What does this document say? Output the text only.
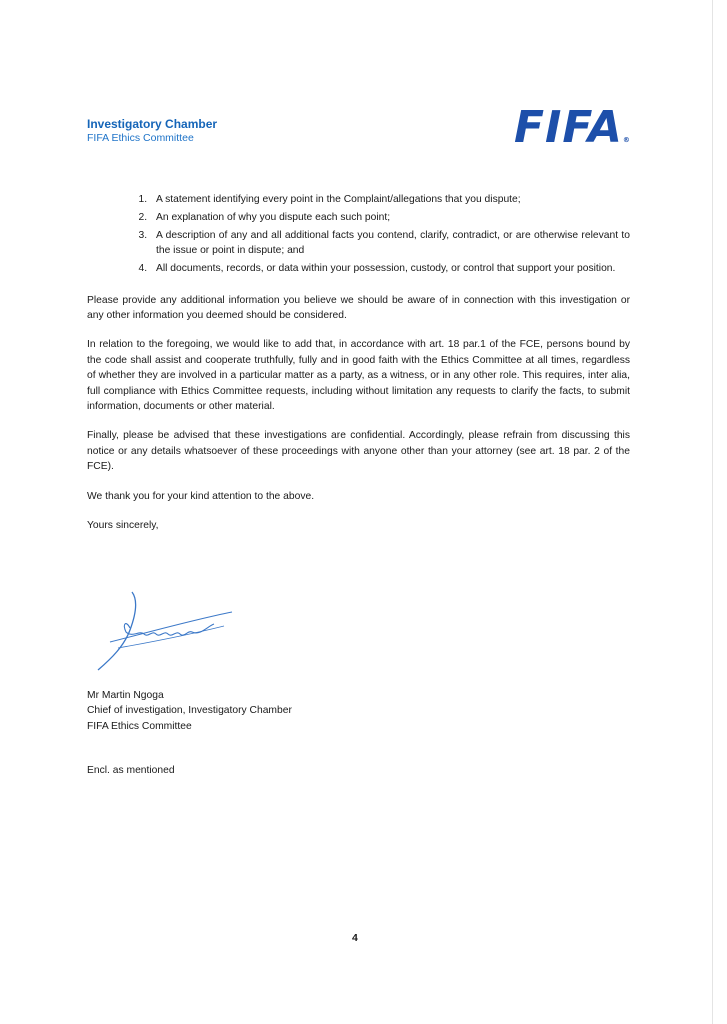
Investigatory Chamber
FIFA Ethics Committee	FIFA®
1. A statement identifying every point in the Complaint/allegations that you dispute;
2. An explanation of why you dispute each such point;
3. A description of any and all additional facts you contend, clarify, contradict, or are otherwise relevant to the issue or point in dispute; and
4. All documents, records, or data within your possession, custody, or control that support your position.

Please provide any additional information you believe we should be aware of in connection with this investigation or any other information you deemed should be considered.

In relation to the foregoing, we would like to add that, in accordance with art. 18 par.1 of the FCE, persons bound by the code shall assist and cooperate truthfully, fully and in good faith with the Ethics Committee at all times, regardless of whether they are involved in a particular matter as a party, as a witness, or in any other role. This requires, inter alia, full compliance with Ethics Committee requests, including without limitation any requests to clarify the facts, to submit information, documents or other material.

Finally, please be advised that these investigations are confidential. Accordingly, please refrain from discussing this notice or any details whatsoever of these proceedings with anyone other than your attorney (see art. 18 par. 2 of the FCE).

We thank you for your kind attention to the above.

Yours sincerely,

Mr Martin Ngoga
Chief of investigation, Investigatory Chamber
FIFA Ethics Committee
Encl. as mentioned
4
